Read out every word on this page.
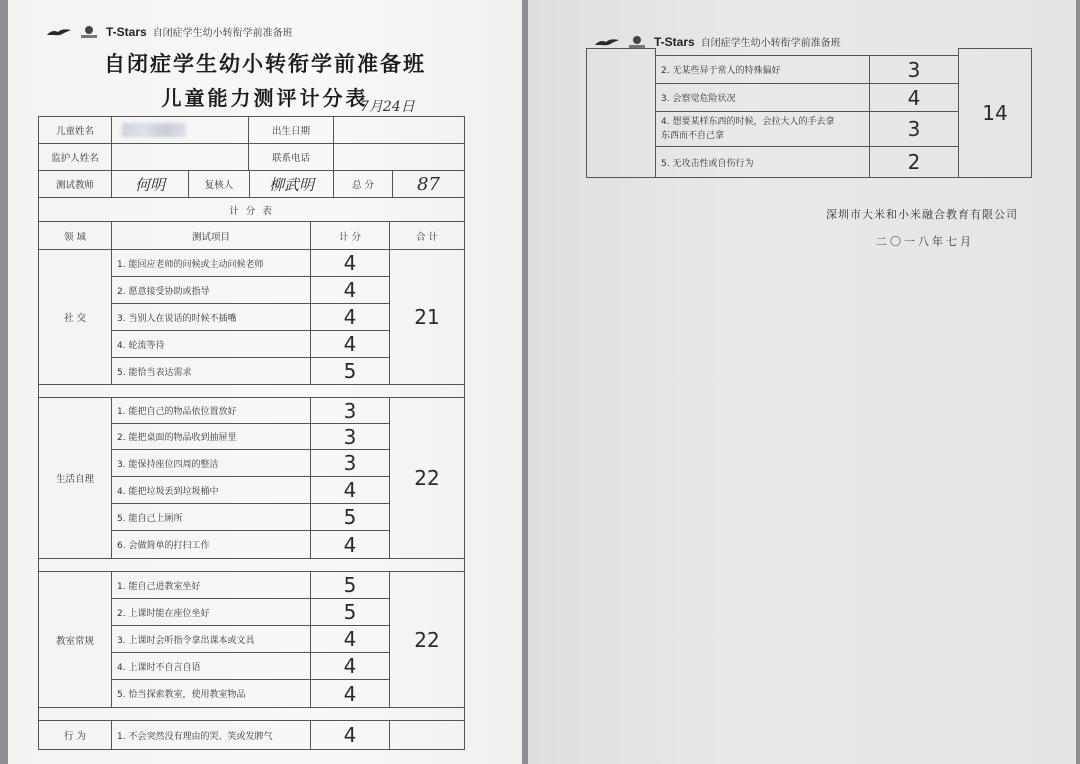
T-Stars 自闭症学生幼小转衔学前准备班
自闭症学生幼小转衔学前准备班
儿童能力测评计分表
7月24日
儿童姓名	出生日期
监护人姓名	联系电话
测试教师	何明	复核人	柳武明	总 分	87
计 分 表
领 域	测试项目	计 分	合 计
社 交
1. 能回应老师的问候或主动问候老师	4
2. 愿意接受协助或指导	4
3. 当别人在说话的时候不插嘴	4
4. 轮流等待	4
5. 能恰当表达需求	5
21
生活自理
1. 能把自己的物品依位置放好	3
2. 能把桌面的物品收到抽屉里	3
3. 能保持座位四周的整洁	3
4. 能把垃圾丢到垃圾桶中	4
5. 能自己上厕所	5
6. 会做简单的打扫工作	4
22
教室常规
1. 能自己进教室坐好	5
2. 上课时能在座位坐好	5
3. 上课时会听指令拿出课本或文具	4
4. 上课时不自言自语	4
5. 恰当探索教室，使用教室物品	4
22
行 为	1. 不会突然没有理由的哭、笑或发脾气	4
T-Stars 自闭症学生幼小转衔学前准备班
2. 无某些异于常人的特殊偏好	3
3. 会察觉危险状况	4
4. 想要某样东西的时候，会拉大人的手去拿
东西而不自己拿	3
5. 无攻击性或自伤行为	2
14
深圳市大米和小米融合教育有限公司
二〇一八年七月
